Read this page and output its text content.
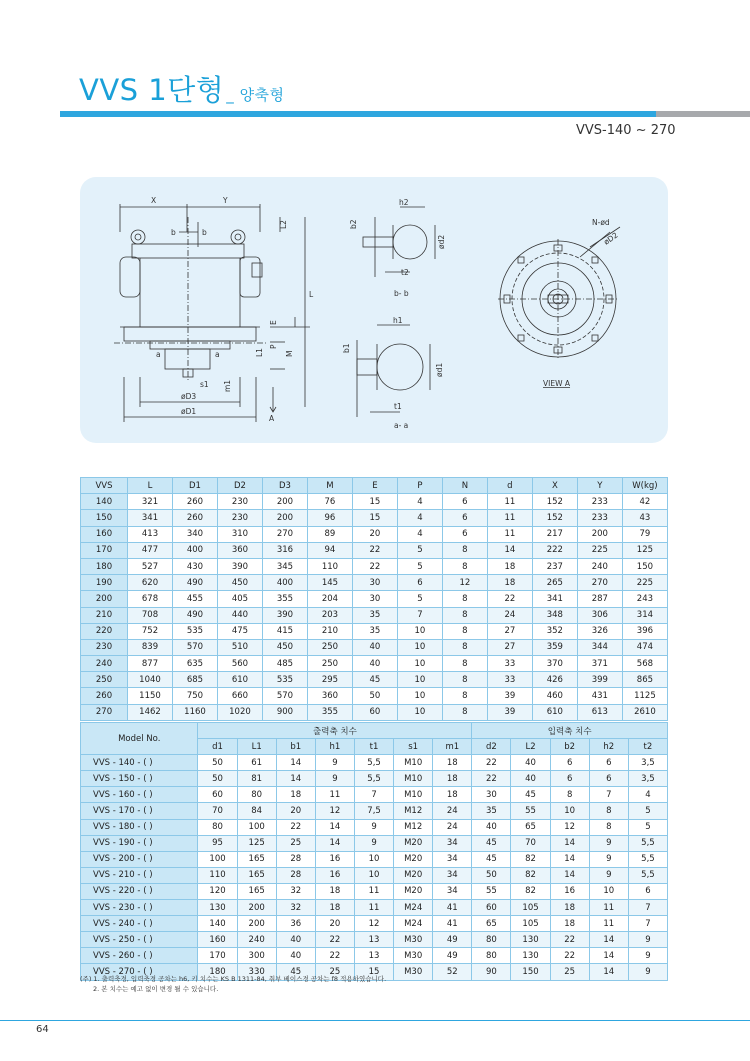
VVS 1단형 _ 양축형
VVS-140 ~ 270
X	Y
b	b
L2
L
E
P
L1	M
a	a
s1 m1
øD3
øD1
A
h2
b2
ød2
t2
b- b
h1
b1
ød1
t1
a- a
N-ød
øD2
VIEW A
VVS	L	D1	D2	D3	M	E	P	N	d	X	Y	W(kg)
140	321	260	230	200	76	15	4	6	11	152	233	42
150	341	260	230	200	96	15	4	6	11	152	233	43
160	413	340	310	270	89	20	4	6	11	217	200	79
170	477	400	360	316	94	22	5	8	14	222	225	125
180	527	430	390	345	110	22	5	8	18	237	240	150
190	620	490	450	400	145	30	6	12	18	265	270	225
200	678	455	405	355	204	30	5	8	22	341	287	243
210	708	490	440	390	203	35	7	8	24	348	306	314
220	752	535	475	415	210	35	10	8	27	352	326	396
230	839	570	510	450	250	40	10	8	27	359	344	474
240	877	635	560	485	250	40	10	8	33	370	371	568
250	1040	685	610	535	295	45	10	8	33	426	399	865
260	1150	750	660	570	360	50	10	8	39	460	431	1125
270	1462	1160	1020	900	355	60	10	8	39	610	613	2610
Model No.	출력축 치수							입력축 치수				
	d1	L1	b1	h1	t1	s1	m1	d2	L2	b2	h2	t2
VVS - 140 - ( )	50	61	14	9	5,5	M10	18	22	40	6	6	3,5
VVS - 150 - ( )	50	81	14	9	5,5	M10	18	22	40	6	6	3,5
VVS - 160 - ( )	60	80	18	11	7	M10	18	30	45	8	7	4
VVS - 170 - ( )	70	84	20	12	7,5	M12	24	35	55	10	8	5
VVS - 180 - ( )	80	100	22	14	9	M12	24	40	65	12	8	5
VVS - 190 - ( )	95	125	25	14	9	M20	34	45	70	14	9	5,5
VVS - 200 - ( )	100	165	28	16	10	M20	34	45	82	14	9	5,5
VVS - 210 - ( )	110	165	28	16	10	M20	34	50	82	14	9	5,5
VVS - 220 - ( )	120	165	32	18	11	M20	34	55	82	16	10	6
VVS - 230 - ( )	130	200	32	18	11	M24	41	60	105	18	11	7
VVS - 240 - ( )	140	200	36	20	12	M24	41	65	105	18	11	7
VVS - 250 - ( )	160	240	40	22	13	M30	49	80	130	22	14	9
VVS - 260 - ( )	170	300	40	22	13	M30	49	80	130	22	14	9
VVS - 270 - ( )	180	330	45	25	15	M30	52	90	150	25	14	9
(주) 1. 출력축경, 입력축경 공차는 h6, 키 치수는 KS B 1311-84, 취부 베이스경 공차는 f8 적용하였습니다.
2. 본 치수는 예고 없이 변경 될 수 있습니다.
64
